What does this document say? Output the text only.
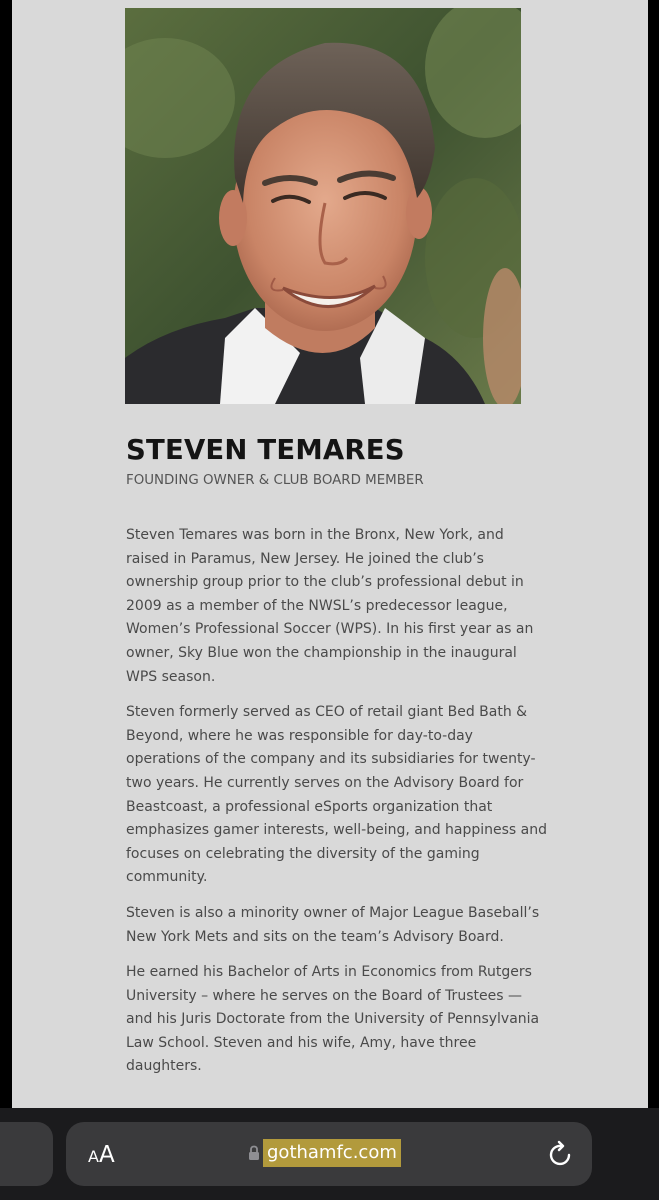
STEVEN TEMARES
FOUNDING OWNER & CLUB BOARD MEMBER

Steven Temares was born in the Bronx, New York, and
raised in Paramus, New Jersey. He joined the club’s
ownership group prior to the club’s professional debut in
2009 as a member of the NWSL’s predecessor league,
Women’s Professional Soccer (WPS). In his first year as an
owner, Sky Blue won the championship in the inaugural
WPS season.

Steven formerly served as CEO of retail giant Bed Bath &
Beyond, where he was responsible for day-to-day
operations of the company and its subsidiaries for twenty-
two years. He currently serves on the Advisory Board for
Beastcoast, a professional eSports organization that
emphasizes gamer interests, well-being, and happiness and
focuses on celebrating the diversity of the gaming
community.

Steven is also a minority owner of Major League Baseball’s
New York Mets and sits on the team’s Advisory Board.

He earned his Bachelor of Arts in Economics from Rutgers
University – where he serves on the Board of Trustees —
and his Juris Doctorate from the University of Pennsylvania
Law School. Steven and his wife, Amy, have three
daughters.

AA	gothamfc.com
